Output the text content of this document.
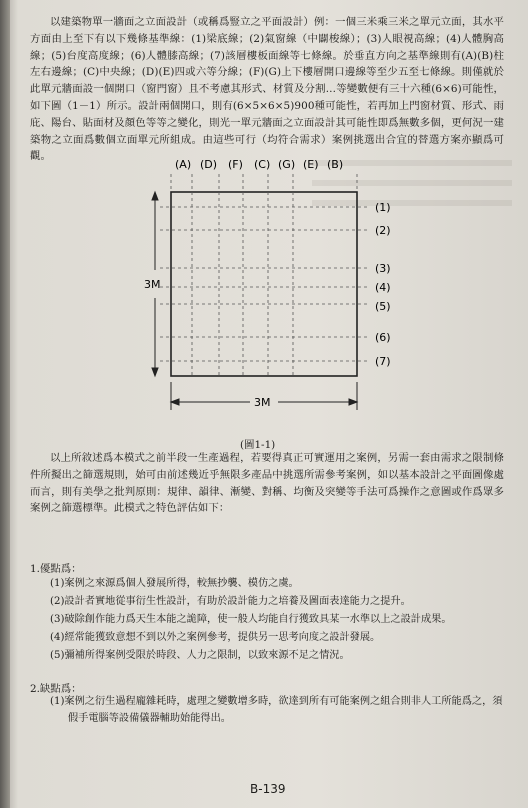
以建築物單一牆面之立面設計（或稱爲豎立之平面設計）例：一個三米乘三米之單元立面，其水平方面由上至下有以下幾條基準線：(1)梁底線；(2)氣窗線（中闢梭線）；(3)人眼視高線；(4)人體胸高線；(5)台度高度線；(6)人體膝高線；(7)該層樓板面線等七條線。於垂直方向之基準線則有(A)(B)柱左右邊線；(C)中央線；(D)(E)四或六等分線；(F)(G)上下樓層開口邊線等至少五至七條線。則僅就於此單元牆面設一個開口（窗門窗）且不考慮其形式、材質及分割…等變數便有三十六種(6×6)可能性，如下圖（1－1）所示。設計兩個開口，則有(6×5×6×5)900種可能性，若再加上門窗材質、形式、雨庇、陽台、貼面材及顏色等等之變化，則光一單元牆面之立面設計其可能性即爲無數多個，更何況一建築物之立面爲數個立面單元所組成。由這些可行（均符合需求）案例挑選出合宜的替選方案亦顯爲可觀。

(A) (D) (F) (C) (G) (E) (B)
(1)
(2)
(3)
(4)
(5)
(6)
(7)
3M
3M
(圖1-1)

以上所敘述爲本模式之前半段一生產過程，若要得真正可實運用之案例，另需一套由需求之限制條件所擬出之篩選規則，始可由前述幾近乎無限多產品中挑選所需參考案例，如以基本設計之平面圖像處而言，則有美學之批判原則：規律、韻律、漸變、對稱、均衡及突變等手法可爲操作之意圖或作爲眾多案例之篩選標準。此模式之特色評估如下：

1.優點爲：
(1)案例之來源爲個人發展所得，較無抄襲、模仿之虞。
(2)設計者實地從事衍生性設計，有助於設計能力之培養及圖面表達能力之提升。
(3)破除創作能力爲天生本能之詭障，使一般人均能自行獲致具某一水準以上之設計成果。
(4)經常能獲致意想不到以外之案例參考，提供另一思考向度之設計發展。
(5)彌補所得案例受限於時段、人力之限制，以致來源不足之情況。
2.缺點爲：
(1)案例之衍生過程龐雜耗時，處理之變數增多時，欲達到所有可能案例之組合則非人工所能爲之，須假手電腦等設備儀器輔助始能得出。
B-139
